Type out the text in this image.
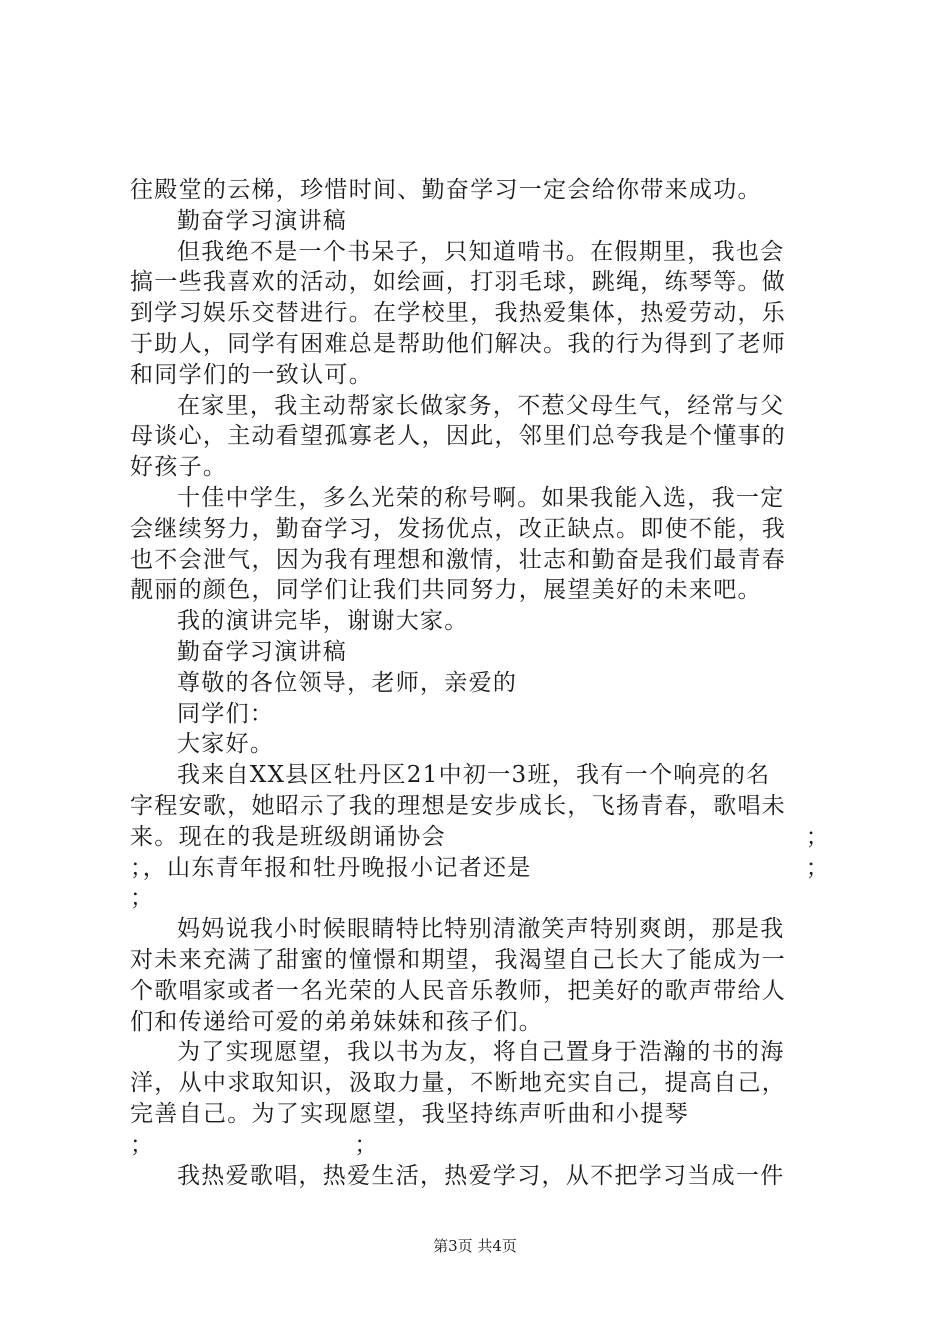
往殿堂的云梯，珍惜时间、勤奋学习一定会给你带来成功。
勤奋学习演讲稿
但我绝不是一个书呆子，只知道啃书。在假期里，我也会
搞一些我喜欢的活动，如绘画，打羽毛球，跳绳，练琴等。做
到学习娱乐交替进行。在学校里，我热爱集体，热爱劳动，乐
于助人，同学有困难总是帮助他们解决。我的行为得到了老师
和同学们的一致认可。
在家里，我主动帮家长做家务，不惹父母生气，经常与父
母谈心，主动看望孤寡老人，因此，邻里们总夸我是个懂事的
好孩子。
十佳中学生，多么光荣的称号啊。如果我能入选，我一定
会继续努力，勤奋学习，发扬优点，改正缺点。即使不能，我
也不会泄气，因为我有理想和激情，壮志和勤奋是我们最青春
靓丽的颜色，同学们让我们共同努力，展望美好的未来吧。
我的演讲完毕，谢谢大家。
勤奋学习演讲稿
尊敬的各位领导，老师，亲爱的
同学们：
大家好。
我来自XX县区牡丹区21中初一3班，我有一个响亮的名
字程安歌，她昭示了我的理想是安步成长，飞扬青春，歌唱未
来。现在的我是班级朗诵协会	；
；，山东青年报和牡丹晚报小记者还是	；
；
妈妈说我小时候眼睛特比特别清澈笑声特别爽朗，那是我
对未来充满了甜蜜的憧憬和期望，我渴望自己长大了能成为一
个歌唱家或者一名光荣的人民音乐教师，把美好的歌声带给人
们和传递给可爱的弟弟妹妹和孩子们。
为了实现愿望，我以书为友，将自己置身于浩瀚的书的海
洋，从中求取知识，汲取力量，不断地充实自己，提高自己，
完善自己。为了实现愿望，我坚持练声听曲和小提琴
；	；
我热爱歌唱，热爱生活，热爱学习，从不把学习当成一件
第3页 共4页
